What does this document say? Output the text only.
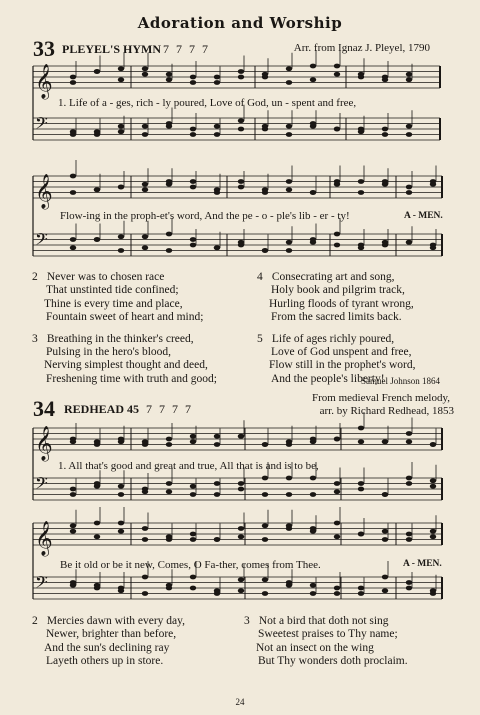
Adoration and Worship
33 PLEYEL'S HYMN 7 7 7 7	Arr. from Ignaz J. Pleyel, 1790
𝄞
𝄢
𝄞
𝄢
𝄞
𝄢
𝄞
𝄢
1. Life of a - ges, rich - ly poured, Love of God, un - spent and free,
Flow-ing in the proph-et's word, And the pe - o - ple's lib - er - ty!	A - MEN.
2 Never was to chosen race
That unstinted tide confined;
Thine is every time and place,
Fountain sweet of heart and mind;
3 Breathing in the thinker's creed,
Pulsing in the hero's blood,
Nerving simplest thought and deed,
Freshening time with truth and good;
4 Consecrating art and song,
Holy book and pilgrim track,
Hurling floods of tyrant wrong,
From the sacred limits back.
5 Life of ages richly poured,
Love of God unspent and free,
Flow still in the prophet's word,
And the people's liberty!
Samuel Johnson 1864
34 REDHEAD 45 7 7 7 7
From medieval French melody,
arr. by Richard Redhead, 1853
1. All that's good and great and true, All that is and is to be,
Be it old or be it new, Comes, O Fa-ther, comes from Thee.	A - MEN.
2 Mercies dawn with every day,
Newer, brighter than before,
And the sun's declining ray
Layeth others up in store.
3 Not a bird that doth not sing
Sweetest praises to Thy name;
Not an insect on the wing
But Thy wonders doth proclaim.
24
